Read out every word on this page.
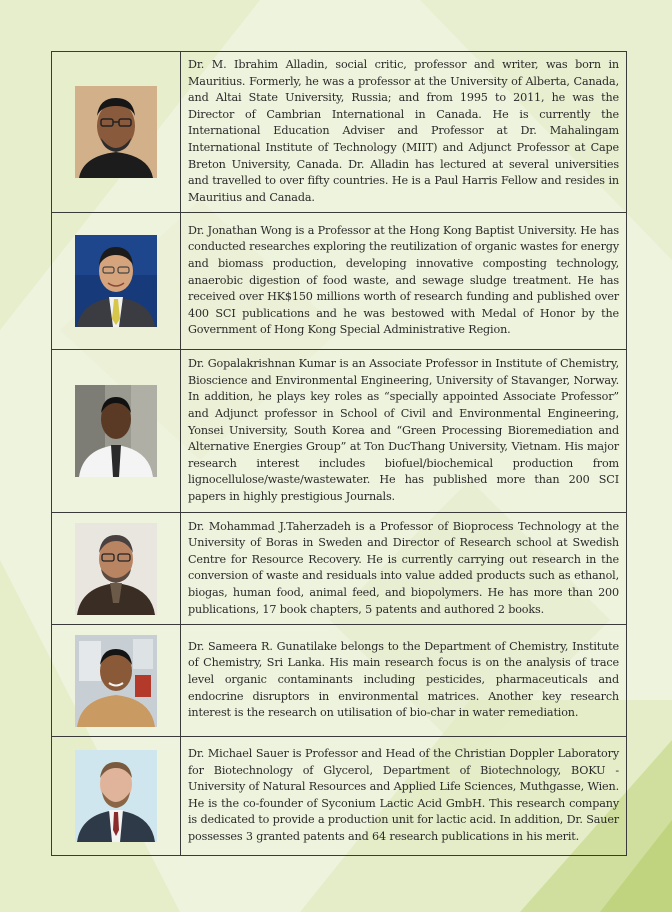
	Dr. M. Ibrahim Alladin, social critic, professor and writer, was born in Mauritius. Formerly, he was a professor at the University of Alberta, Canada, and Altai State University, Russia; and from 1995 to 2011, he was the Director of Cambrian International in Canada. He is currently the International Education Adviser and Professor at Dr. Mahalingam International Institute of Technology (MIIT) and Adjunct Professor at Cape Breton University, Canada. Dr. Alladin has lectured at several universities and travelled to over fifty countries. He is a Paul Harris Fellow and resides in Mauritius and Canada.

	Dr. Jonathan Wong is a Professor at the Hong Kong Baptist University. He has conducted researches exploring the reutilization of organic wastes for energy and biomass production, developing innovative composting technology, anaerobic digestion of food waste, and sewage sludge treatment. He has received over HK$150 millions worth of research funding and published over 400 SCI publications and he was bestowed with Medal of Honor by the Government of Hong Kong Special Administrative Region.

	Dr. Gopalakrishnan Kumar is an Associate Professor in Institute of Chemistry, Bioscience and Environmental Engineering, University of Stavanger, Norway. In addition, he plays key roles as “specially appointed Associate Professor” and Adjunct professor in School of Civil and Environmental Engineering, Yonsei University, South Korea and “Green Processing Bioremediation and Alternative Energies Group” at Ton DucThang University, Vietnam. His major research interest includes biofuel/biochemical production from lignocellulose/waste/wastewater. He has published more than 200 SCI papers in highly prestigious Journals.

	Dr. Mohammad J.Taherzadeh is a Professor of Bioprocess Technology at the University of Boras in Sweden and Director of Research school at Swedish Centre for Resource Recovery. He is currently carrying out research in the conversion of waste and residuals into value added products such as ethanol, biogas, human food, animal feed, and biopolymers. He has more than 200 publications, 17 book chapters, 5 patents and authored 2 books.

	Dr. Sameera R. Gunatilake belongs to the Department of Chemistry, Institute of Chemistry, Sri Lanka. His main research focus is on the analysis of trace level organic contaminants including pesticides, pharmaceuticals and endocrine disruptors in environmental matrices. Another key research interest is the research on utilisation of bio-char in water remediation.

	Dr. Michael Sauer is Professor and Head of the Christian Doppler Laboratory for Biotechnology of Glycerol, Department of Biotechnology, BOKU - University of Natural Resources and Applied Life Sciences, Muthgasse, Wien. He is the co-founder of Syconium Lactic Acid GmbH. This research company is dedicated to provide a production unit for lactic acid. In addition, Dr. Sauer possesses 3 granted patents and 64 research publications in his merit.
